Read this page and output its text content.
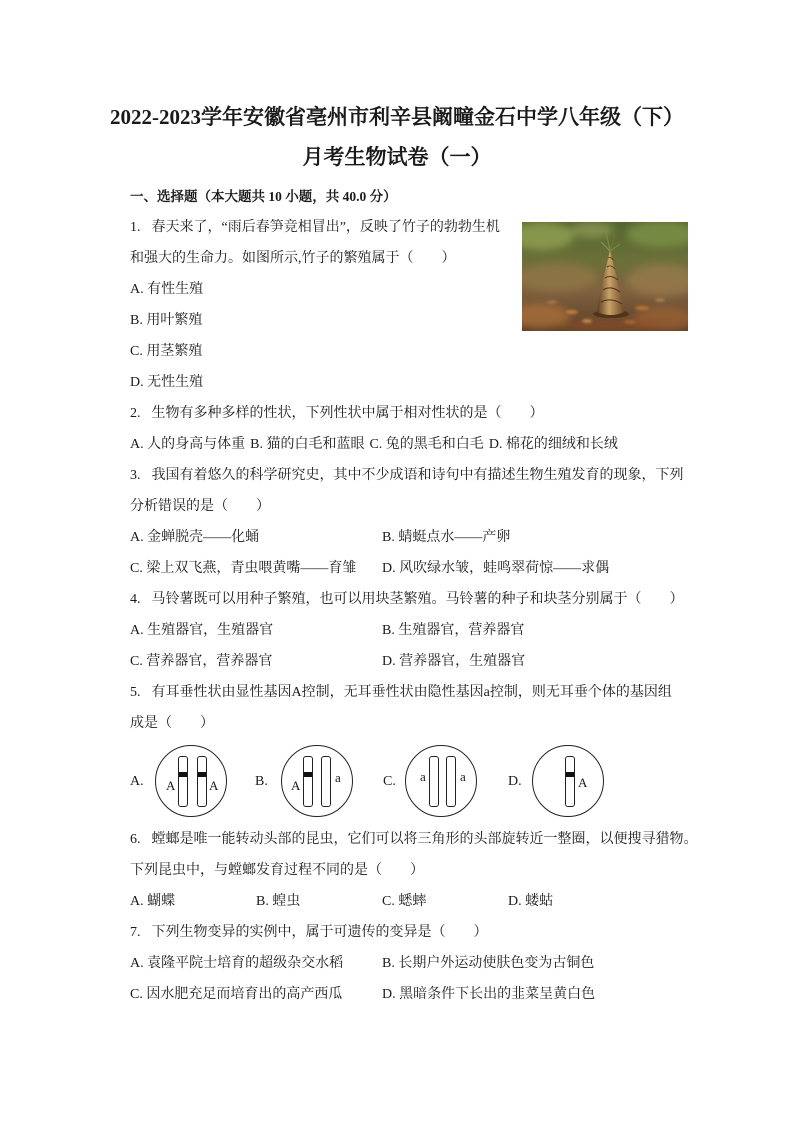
2022-2023学年安徽省亳州市利辛县阚疃金石中学八年级（下）
月考生物试卷（一）
一、选择题（本大题共 10 小题，共 40.0 分）
1. 春天来了，“雨后春笋竞相冒出”，反映了竹子的勃勃生机
和强大的生命力。如图所示,竹子的繁殖属于（　　）
A. 有性生殖
B. 用叶繁殖
C. 用茎繁殖
D. 无性生殖
2. 生物有多种多样的性状，下列性状中属于相对性状的是（　　）
A. 人的身高与体重 B. 猫的白毛和蓝眼 C. 兔的黑毛和白毛 D. 棉花的细绒和长绒
3. 我国有着悠久的科学研究史，其中不少成语和诗句中有描述生物生殖发育的现象，下列
分析错误的是（　　）
A. 金蝉脱壳——化蛹	B. 蜻蜓点水——产卵
C. 梁上双飞燕，青虫喂黄嘴——育雏 D. 风吹绿水皱，蛙鸣翠荷惊——求偶
4. 马铃薯既可以用种子繁殖，也可以用块茎繁殖。马铃薯的种子和块茎分别属于（　　）
A. 生殖器官，生殖器官	B. 生殖器官，营养器官
C. 营养器官，营养器官	D. 营养器官，生殖器官
5. 有耳垂性状由显性基因A控制，无耳垂性状由隐性基因a控制，则无耳垂个体的基因组
成是（　　）
A. A	A	B. A
a	C. a	a	D.	A
6. 螳螂是唯一能转动头部的昆虫，它们可以将三角形的头部旋转近一整圈，以便搜寻猎物。
下列昆虫中，与螳螂发育过程不同的是（　　）
A. 蝴蝶	B. 蝗虫	C. 蟋蟀	D. 蝼蛄
7. 下列生物变异的实例中，属于可遗传的变异是（　　）
A. 袁隆平院士培育的超级杂交水稻	B. 长期户外运动使肤色变为古铜色
C. 因水肥充足而培育出的高产西瓜	D. 黑暗条件下长出的韭菜呈黄白色
